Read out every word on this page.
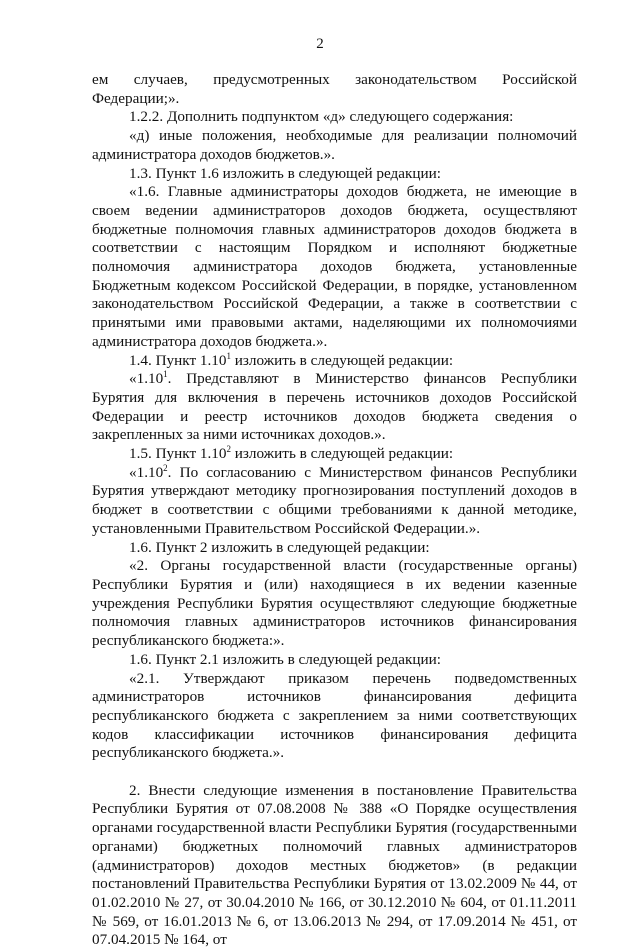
2

ем случаев, предусмотренных законодательством Российской Федерации;».

1.2.2. Дополнить подпунктом «д» следующего содержания:

«д) иные положения, необходимые для реализации полномочий администратора доходов бюджетов.».

1.3. Пункт 1.6 изложить в следующей редакции:

«1.6. Главные администраторы доходов бюджета, не имеющие в своем ведении администраторов доходов бюджета, осуществляют бюджетные полномочия главных администраторов доходов бюджета в соответствии с настоящим Порядком и исполняют бюджетные полномочия администратора доходов бюджета, установленные Бюджетным кодексом Российской Федерации, в порядке, установленном законодательством Российской Федерации, а также в соответствии с принятыми ими правовыми актами, наделяющими их полномочиями администратора доходов бюджета.».

1.4. Пункт 1.10$^1$ изложить в следующей редакции:

«1.10$^1$. Представляют в Министерство финансов Республики Бурятия для включения в перечень источников доходов Российской Федерации и реестр источников доходов бюджета сведения о закрепленных за ними источниках доходов.».

1.5. Пункт 1.10$^2$ изложить в следующей редакции:

«1.10$^2$. По согласованию с Министерством финансов Республики Бурятия утверждают методику прогнозирования поступлений доходов в бюджет в соответствии с общими требованиями к данной методике, установленными Правительством Российской Федерации.».

1.6. Пункт 2 изложить в следующей редакции:

«2. Органы государственной власти (государственные органы) Республики Бурятия и (или) находящиеся в их ведении казенные учреждения Республики Бурятия осуществляют следующие бюджетные полномочия главных администраторов источников финансирования республиканского бюджета:».

1.6. Пункт 2.1 изложить в следующей редакции:

«2.1. Утверждают приказом перечень подведомственных администраторов источников финансирования дефицита республиканского бюджета с закреплением за ними соответствующих кодов классификации источников финансирования дефицита республиканского бюджета.».

2. Внести следующие изменения в постановление Правительства Республики Бурятия от 07.08.2008 № 388 «О Порядке осуществления органами государственной власти Республики Бурятия (государственными органами) бюджетных полномочий главных администраторов (администраторов) доходов местных бюджетов» (в редакции постановлений Правительства Республики Бурятия от 13.02.2009 № 44, от 01.02.2010 № 27, от 30.04.2010 № 166, от 30.12.2010 № 604, от 01.11.2011 № 569, от 16.01.2013 № 6, от 13.06.2013 № 294, от 17.09.2014 № 451, от 07.04.2015 № 164, от
